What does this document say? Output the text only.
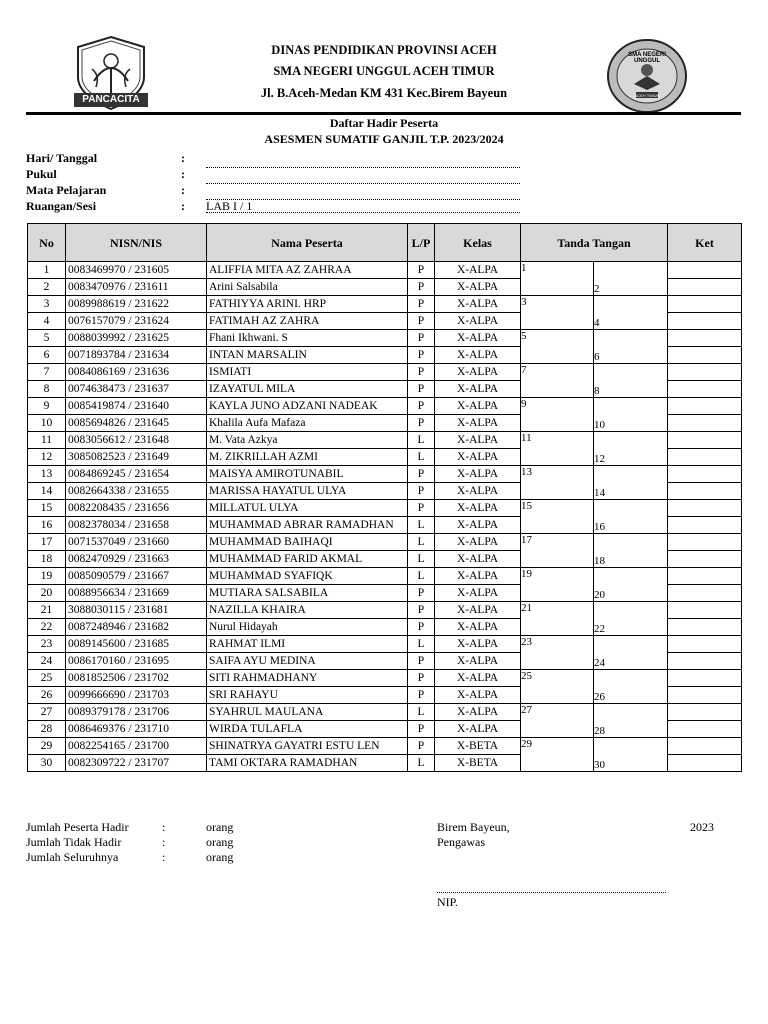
PANCACITA
SMA NEGERI UNGGUL
ACEH TIMUR
DINAS PENDIDIKAN PROVINSI ACEH
SMA NEGERI UNGGUL ACEH TIMUR
Jl. B.Aceh-Medan KM 431 Kec.Birem Bayeun
Daftar Hadir Peserta
ASESMEN SUMATIF GANJIL T.P. 2023/2024
Hari/ Tanggal	:
Pukul	:
Mata Pelajaran	:
Ruangan/Sesi	: LAB I / 1
No	NISN/NIS	Nama Peserta	L/P	Kelas	Tanda Tangan		Ket
1	0083469970 / 231605	ALIFFIA MITA AZ ZAHRAA	P	X-ALPA	1		
2	0083470976 / 231611	Arini Salsabila	P	X-ALPA		2	
3	0089988619 / 231622	FATHIYYA ARINI. HRP	P	X-ALPA	3		
4	0076157079 / 231624	FATIMAH AZ ZAHRA	P	X-ALPA		4	
5	0088039992 / 231625	Fhani Ikhwani. S	P	X-ALPA	5		
6	0071893784 / 231634	INTAN MARSALIN	P	X-ALPA		6	
7	0084086169 / 231636	ISMIATI	P	X-ALPA	7		
8	0074638473 / 231637	IZAYATUL MILA	P	X-ALPA		8	
9	0085419874 / 231640	KAYLA JUNO ADZANI NADEAK	P	X-ALPA	9		
10	0085694826 / 231645	Khalila Aufa Mafaza	P	X-ALPA		10	
11	0083056612 / 231648	M. Vata Azkya	L	X-ALPA	11		
12	3085082523 / 231649	M. ZIKRILLAH AZMI	L	X-ALPA		12	
13	0084869245 / 231654	MAISYA AMIROTUNABIL	P	X-ALPA	13		
14	0082664338 / 231655	MARISSA HAYATUL ULYA	P	X-ALPA		14	
15	0082208435 / 231656	MILLATUL ULYA	P	X-ALPA	15		
16	0082378034 / 231658	MUHAMMAD ABRAR RAMADHAN	L	X-ALPA		16	
17	0071537049 / 231660	MUHAMMAD BAIHAQI	L	X-ALPA	17		
18	0082470929 / 231663	MUHAMMAD FARID AKMAL	L	X-ALPA		18	
19	0085090579 / 231667	MUHAMMAD SYAFIQK	L	X-ALPA	19		
20	0088956634 / 231669	MUTIARA SALSABILA	P	X-ALPA		20	
21	3088030115 / 231681	NAZILLA KHAIRA	P	X-ALPA	21		
22	0087248946 / 231682	Nurul Hidayah	P	X-ALPA		22	
23	0089145600 / 231685	RAHMAT ILMI	L	X-ALPA	23		
24	0086170160 / 231695	SAIFA AYU MEDINA	P	X-ALPA		24	
25	0081852506 / 231702	SITI RAHMADHANY	P	X-ALPA	25		
26	0099666690 / 231703	SRI RAHAYU	P	X-ALPA		26	
27	0089379178 / 231706	SYAHRUL MAULANA	L	X-ALPA	27		
28	0086469376 / 231710	WIRDA TULAFLA	P	X-ALPA		28	
29	0082254165 / 231700	SHINATRYA GAYATRI ESTU LEN	P	X-BETA	29		
30	0082309722 / 231707	TAMI OKTARA RAMADHAN	L	X-BETA		30	
Jumlah Peserta Hadir	:	orang
Jumlah Tidak Hadir	:	orang
Jumlah Seluruhnya	:	orang
Birem Bayeun,	2023
Pengawas
NIP.
